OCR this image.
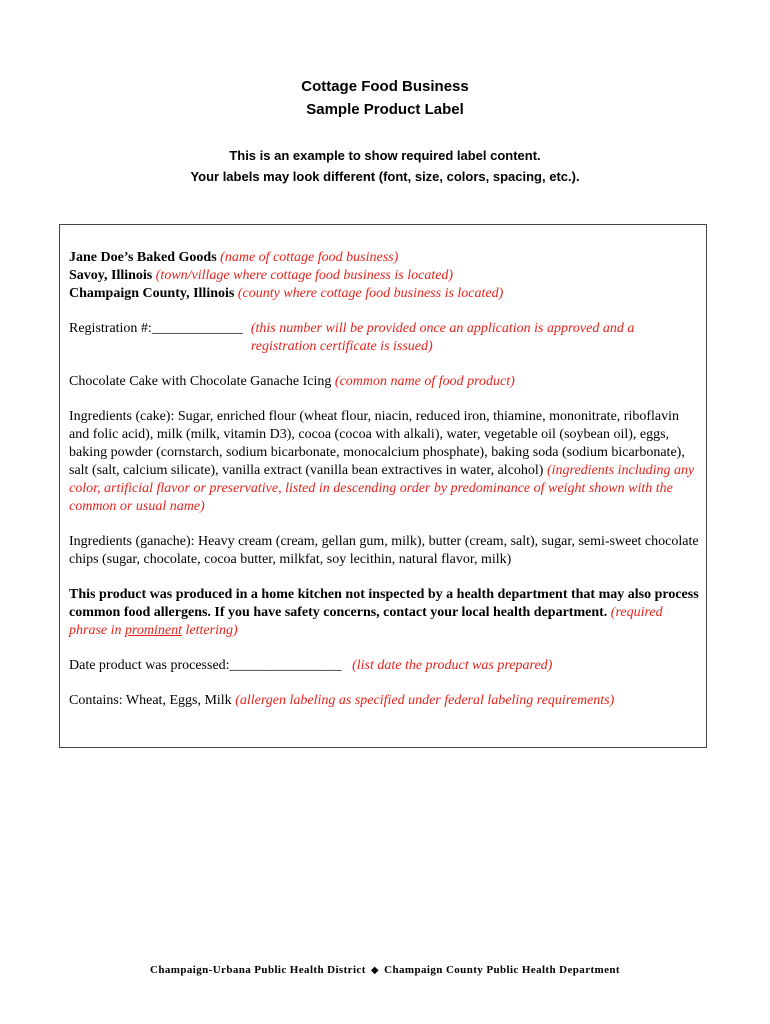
Cottage Food Business
Sample Product Label
This is an example to show required label content.
Your labels may look different (font, size, colors, spacing, etc.).

Jane Doe’s Baked Goods (name of cottage food business)

Savoy, Illinois (town/village where cottage food business is located)

Champaign County, Illinois (county where cottage food business is located)

Registration #:_____________ (this number will be provided once an application is approved and a registration certificate is issued)

Chocolate Cake with Chocolate Ganache Icing (common name of food product)

Ingredients (cake): Sugar, enriched flour (wheat flour, niacin, reduced iron, thiamine, mononitrate, riboflavin and folic acid), milk (milk, vitamin D3), cocoa (cocoa with alkali), water, vegetable oil (soybean oil), eggs, baking powder (cornstarch, sodium bicarbonate, monocalcium phosphate), baking soda (sodium bicarbonate), salt (salt, calcium silicate), vanilla extract (vanilla bean extractives in water, alcohol) (ingredients including any color, artificial flavor or preservative, listed in descending order by predominance of weight shown with the common or usual name)

Ingredients (ganache): Heavy cream (cream, gellan gum, milk), butter (cream, salt), sugar, semi-sweet chocolate chips (sugar, chocolate, cocoa butter, milkfat, soy lecithin, natural flavor, milk)

This product was produced in a home kitchen not inspected by a health department that may also process common food allergens. If you have safety concerns, contact your local health department. (required phrase in prominent lettering)

Date product was processed:________________ (list date the product was prepared)

Contains: Wheat, Eggs, Milk (allergen labeling as specified under federal labeling requirements)

Champaign-Urbana Public Health District ◆ Champaign County Public Health Department
